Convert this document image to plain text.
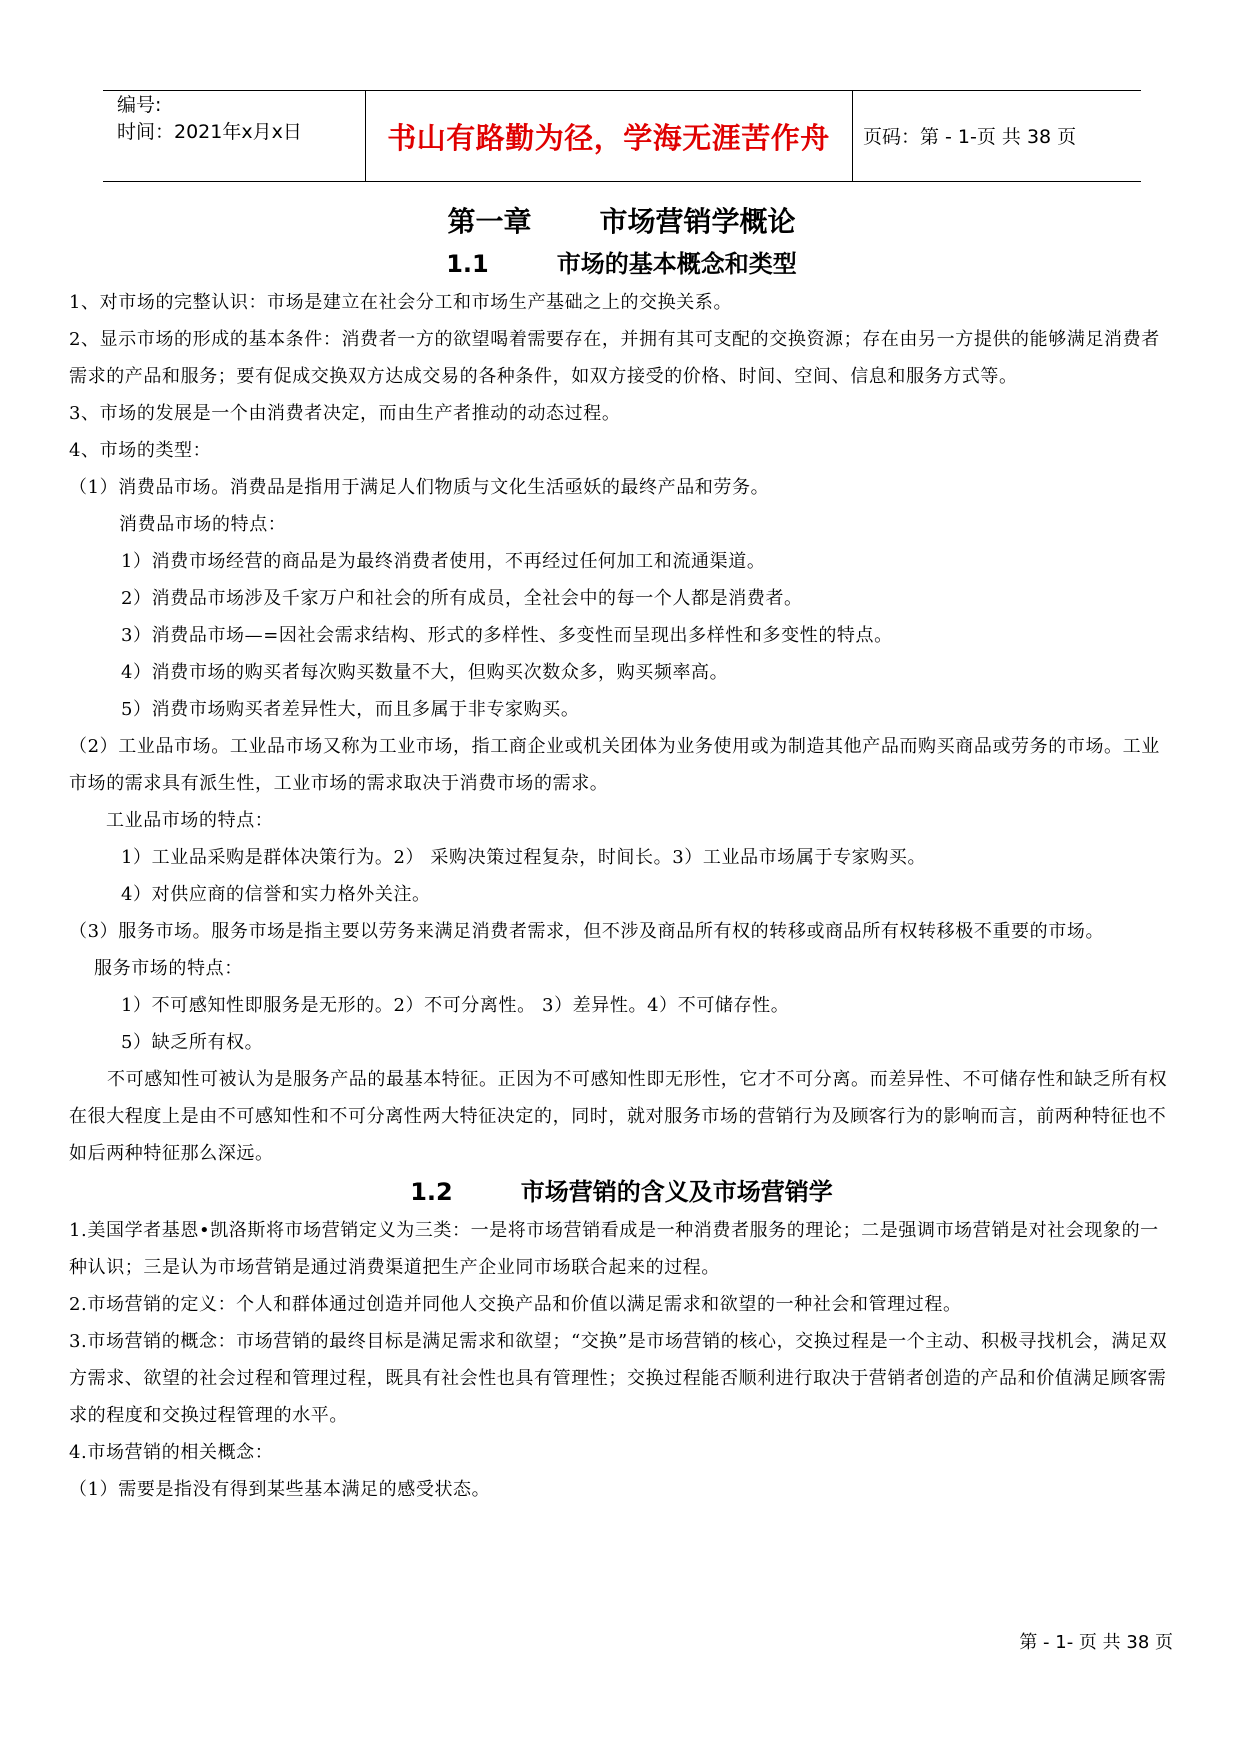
编号:
时间：2021年x月x日	书山有路勤为径，学海无涯苦作舟	页码：第 - 1-页 共 38 页
第一章 市场营销学概论
1.1	市场的基本概念和类型

1、对市场的完整认识：市场是建立在社会分工和市场生产基础之上的交换关系。

2、显示市场的形成的基本条件：消费者一方的欲望喝着需要存在，并拥有其可支配的交换资源；存在由另一方提供的能够满足消费者需求的产品和服务；要有促成交换双方达成交易的各种条件，如双方接受的价格、时间、空间、信息和服务方式等。

3、市场的发展是一个由消费者决定，而由生产者推动的动态过程。

4、市场的类型：

（1）消费品市场。消费品是指用于满足人们物质与文化生活亟妖的最终产品和劳务。

消费品市场的特点：

1）消费市场经营的商品是为最终消费者使用，不再经过任何加工和流通渠道。

2）消费品市场涉及千家万户和社会的所有成员，全社会中的每一个人都是消费者。

3）消费品市场—=因社会需求结构、形式的多样性、多变性而呈现出多样性和多变性的特点。

4）消费市场的购买者每次购买数量不大，但购买次数众多，购买频率高。

5）消费市场购买者差异性大，而且多属于非专家购买。

（2）工业品市场。工业品市场又称为工业市场，指工商企业或机关团体为业务使用或为制造其他产品而购买商品或劳务的市场。工业市场的需求具有派生性，工业市场的需求取决于消费市场的需求。

工业品市场的特点：

1）工业品采购是群体决策行为。2） 采购决策过程复杂，时间长。3）工业品市场属于专家购买。

4）对供应商的信誉和实力格外关注。

（3）服务市场。服务市场是指主要以劳务来满足消费者需求，但不涉及商品所有权的转移或商品所有权转移极不重要的市场。

服务市场的特点：

1）不可感知性即服务是无形的。2）不可分离性。 3）差异性。4）不可储存性。

5）缺乏所有权。

不可感知性可被认为是服务产品的最基本特征。正因为不可感知性即无形性，它才不可分离。而差异性、不可储存性和缺乏所有权在很大程度上是由不可感知性和不可分离性两大特征决定的，同时，就对服务市场的营销行为及顾客行为的影响而言，前两种特征也不如后两种特征那么深远。

1.2	市场营销的含义及市场营销学

1.美国学者基恩•凯洛斯将市场营销定义为三类：一是将市场营销看成是一种消费者服务的理论；二是强调市场营销是对社会现象的一种认识；三是认为市场营销是通过消费渠道把生产企业同市场联合起来的过程。

2.市场营销的定义：个人和群体通过创造并同他人交换产品和价值以满足需求和欲望的一种社会和管理过程。

3.市场营销的概念：市场营销的最终目标是满足需求和欲望；“交换”是市场营销的核心，交换过程是一个主动、积极寻找机会，满足双方需求、欲望的社会过程和管理过程，既具有社会性也具有管理性；交换过程能否顺利进行取决于营销者创造的产品和价值满足顾客需求的程度和交换过程管理的水平。

4.市场营销的相关概念：

（1）需要是指没有得到某些基本满足的感受状态。

第 - 1- 页 共 38 页
